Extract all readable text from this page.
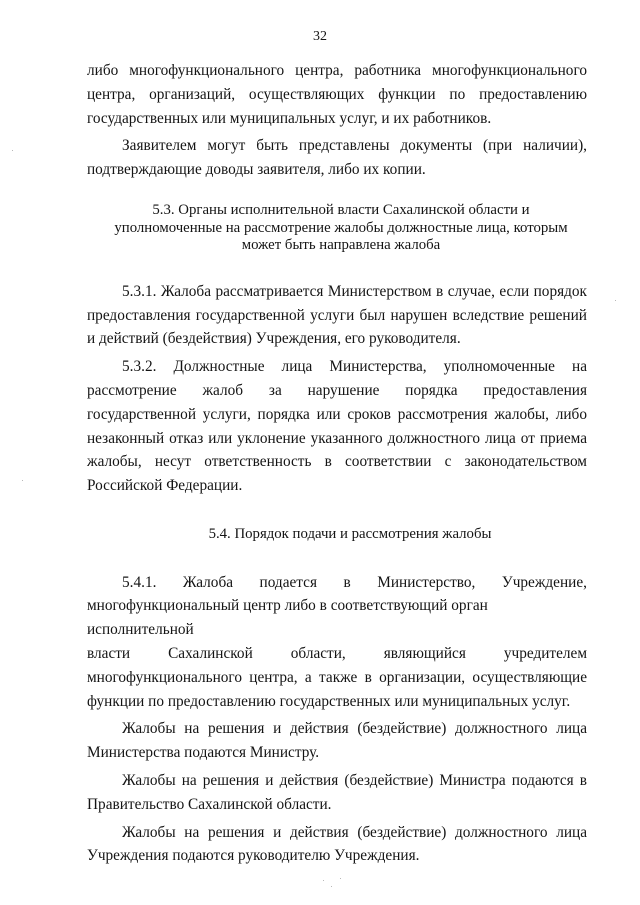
32

либо многофункционального центра, работника многофункционального центра, организаций, осуществляющих функции по предоставлению государственных или муниципальных услуг, и их работников.

Заявителем могут быть представлены документы (при наличии), подтверждающие доводы заявителя, либо их копии.

5.3. Органы исполнительной власти Сахалинской области и
уполномоченные на рассмотрение жалобы должностные лица, которым
может быть направлена жалоба

5.3.1. Жалоба рассматривается Министерством в случае, если порядок предоставления государственной услуги был нарушен вследствие решений и действий (бездействия) Учреждения, его руководителя.

5.3.2. Должностные лица Министерства, уполномоченные на рассмотрение жалоб за нарушение порядка предоставления государственной услуги, порядка или сроков рассмотрения жалобы, либо незаконный отказ или уклонение указанного должностного лица от приема жалобы, несут ответственность в соответствии с законодательством Российской Федерации.

5.4. Порядок подачи и рассмотрения жалобы
5.4.1. Жалоба подается в Министерство, Учреждение,
многофункциональный центр либо в соответствующий орган исполнительной
власти Сахалинской области, являющийся учредителем

многофункционального центра, а также в организации, осуществляющие функции по предоставлению государственных или муниципальных услуг.

Жалобы на решения и действия (бездействие) должностного лица Министерства подаются Министру.

Жалобы на решения и действия (бездействие) Министра подаются в Правительство Сахалинской области.

Жалобы на решения и действия (бездействие) должностного лица Учреждения подаются руководителю Учреждения.
